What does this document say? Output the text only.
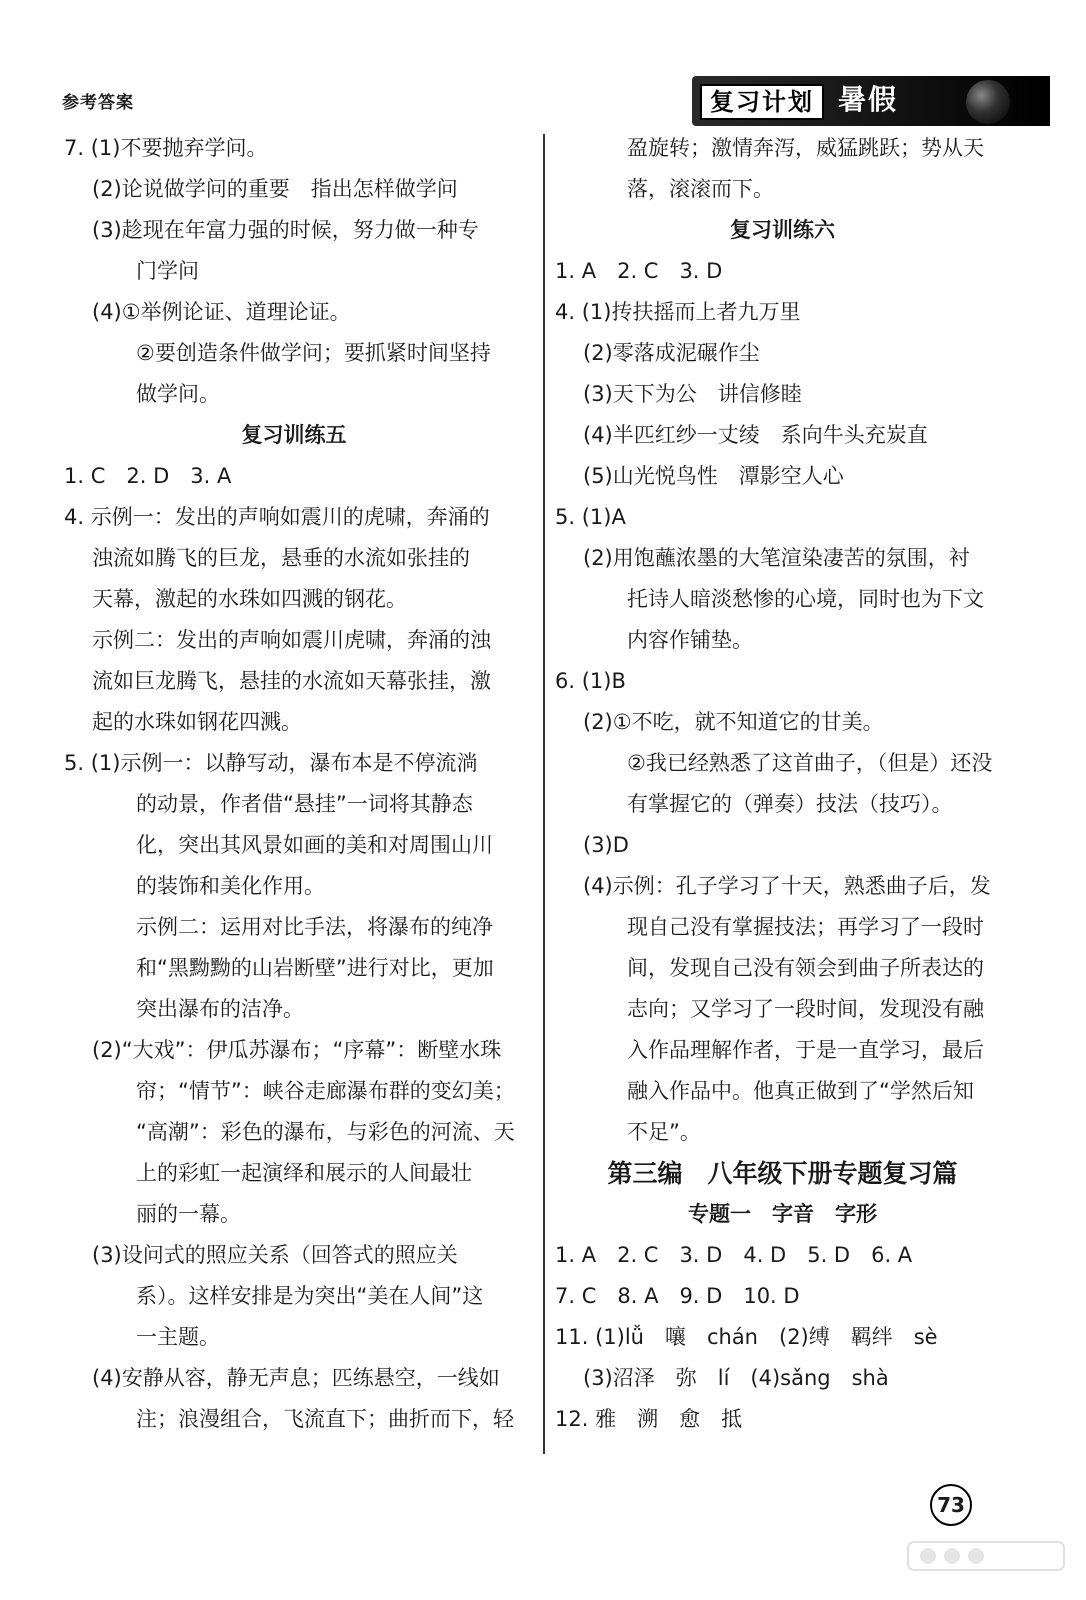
参考答案	复习计划 暑假
7. (1)不要抛弃学问。
(2)论说做学问的重要　指出怎样做学问
(3)趁现在年富力强的时候，努力做一种专
门学问
(4)①举例论证、道理论证。
②要创造条件做学问；要抓紧时间坚持
做学问。
复习训练五
1. C　2. D　3. A
4. 示例一：发出的声响如震川的虎啸，奔涌的
浊流如腾飞的巨龙，悬垂的水流如张挂的
天幕，激起的水珠如四溅的钢花。
示例二：发出的声响如震川虎啸，奔涌的浊
流如巨龙腾飞，悬挂的水流如天幕张挂，激
起的水珠如钢花四溅。
5. (1)示例一：以静写动，瀑布本是不停流淌
的动景，作者借“悬挂”一词将其静态
化，突出其风景如画的美和对周围山川
的装饰和美化作用。
示例二：运用对比手法，将瀑布的纯净
和“黑黝黝的山岩断壁”进行对比，更加
突出瀑布的洁净。
(2)“大戏”：伊瓜苏瀑布；“序幕”：断壁水珠
帘；“情节”：峡谷走廊瀑布群的变幻美；
“高潮”：彩色的瀑布，与彩色的河流、天
上的彩虹一起演绎和展示的人间最壮
丽的一幕。
(3)设问式的照应关系（回答式的照应关
系）。这样安排是为突出“美在人间”这
一主题。
(4)安静从容，静无声息；匹练悬空，一线如
注；浪漫组合，飞流直下；曲折而下，轻
盈旋转；激情奔泻，威猛跳跃；势从天
落，滚滚而下。
复习训练六
1. A　2. C　3. D
4. (1)抟扶摇而上者九万里
(2)零落成泥碾作尘
(3)天下为公　讲信修睦
(4)半匹红纱一丈绫　系向牛头充炭直
(5)山光悦鸟性　潭影空人心
5. (1)A
(2)用饱蘸浓墨的大笔渲染凄苦的氛围，衬
托诗人暗淡愁惨的心境，同时也为下文
内容作铺垫。
6. (1)B
(2)①不吃，就不知道它的甘美。
②我已经熟悉了这首曲子，（但是）还没
有掌握它的（弹奏）技法（技巧）。
(3)D
(4)示例：孔子学习了十天，熟悉曲子后，发
现自己没有掌握技法；再学习了一段时
间，发现自己没有领会到曲子所表达的
志向；又学习了一段时间，发现没有融
入作品理解作者，于是一直学习，最后
融入作品中。他真正做到了“学然后知
不足”。
第三编　八年级下册专题复习篇
专题一　字音　字形
1. A　2. C　3. D　4. D　5. D　6. A
7. C　8. A　9. D　10. D
11. (1)lǚ　嚷　chán　(2)缚　羁绊　sè
(3)沼泽　弥　lí　(4)sǎng　shà
12. 雅　溯　愈　抵
73
